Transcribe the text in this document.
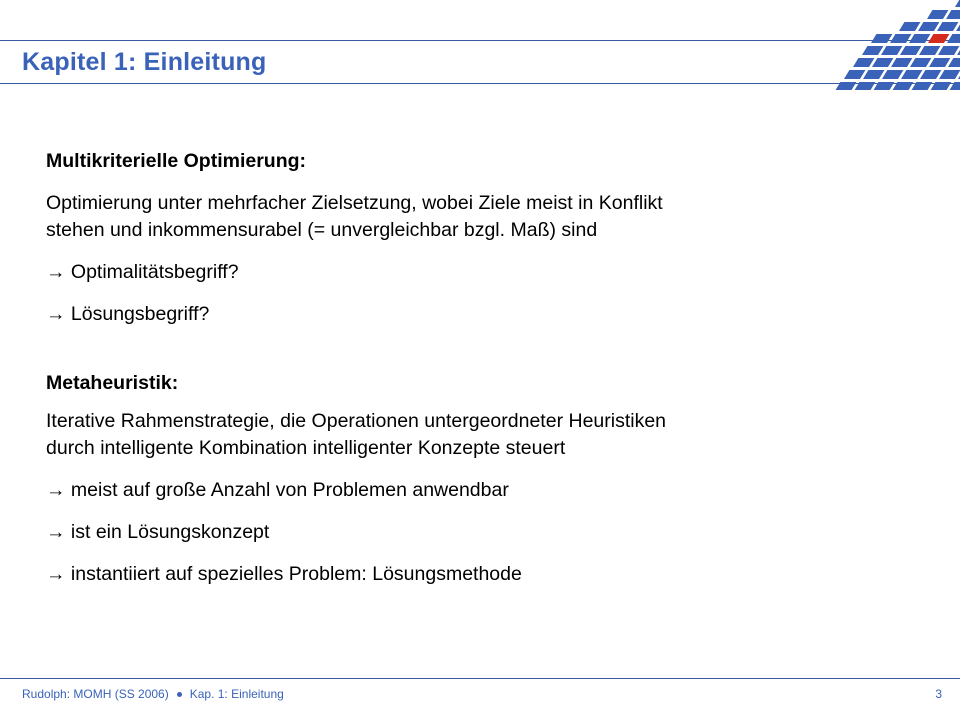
Kapitel 1: Einleitung

Multikriterielle Optimierung:

Optimierung unter mehrfacher Zielsetzung, wobei Ziele meist in Konflikt
stehen und inkommensurabel (= unvergleichbar bzgl. Maß) sind

→ Optimalitätsbegriff?

→ Lösungsbegriff?

Metaheuristik:

Iterative Rahmenstrategie, die Operationen untergeordneter Heuristiken
durch intelligente Kombination intelligenter Konzepte steuert

→ meist auf große Anzahl von Problemen anwendbar

→ ist ein Lösungskonzept

→ instantiiert auf spezielles Problem: Lösungsmethode

Rudolph: MOMH (SS 2006) Kap. 1: Einleitung	3
